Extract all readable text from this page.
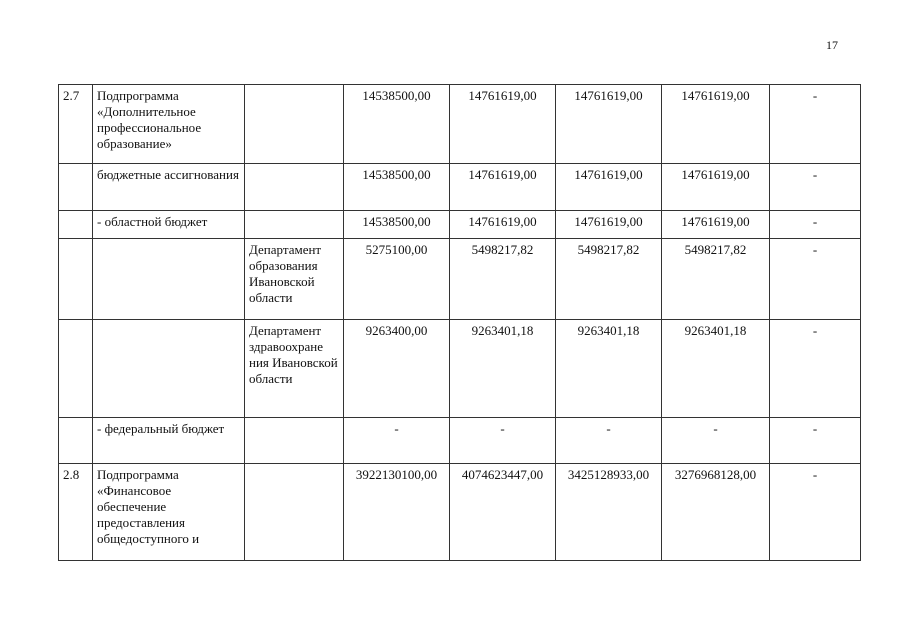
17
2.7	Подпрограмма «Дополнительное профессиональное образование»		14538500,00	14761619,00	14761619,00	14761619,00	-
	бюджетные ассигнования		14538500,00	14761619,00	14761619,00	14761619,00	-
	- областной бюджет		14538500,00	14761619,00	14761619,00	14761619,00	-
		Департамент образования Ивановской области	5275100,00	5498217,82	5498217,82	5498217,82	-
		Департамент здравоохране ния Ивановской области	9263400,00	9263401,18	9263401,18	9263401,18	-
	- федеральный бюджет		-	-	-	-	-
2.8	Подпрограмма «Финансовое обеспечение предоставления общедоступного и		3922130100,00	4074623447,00	3425128933,00	3276968128,00	-
